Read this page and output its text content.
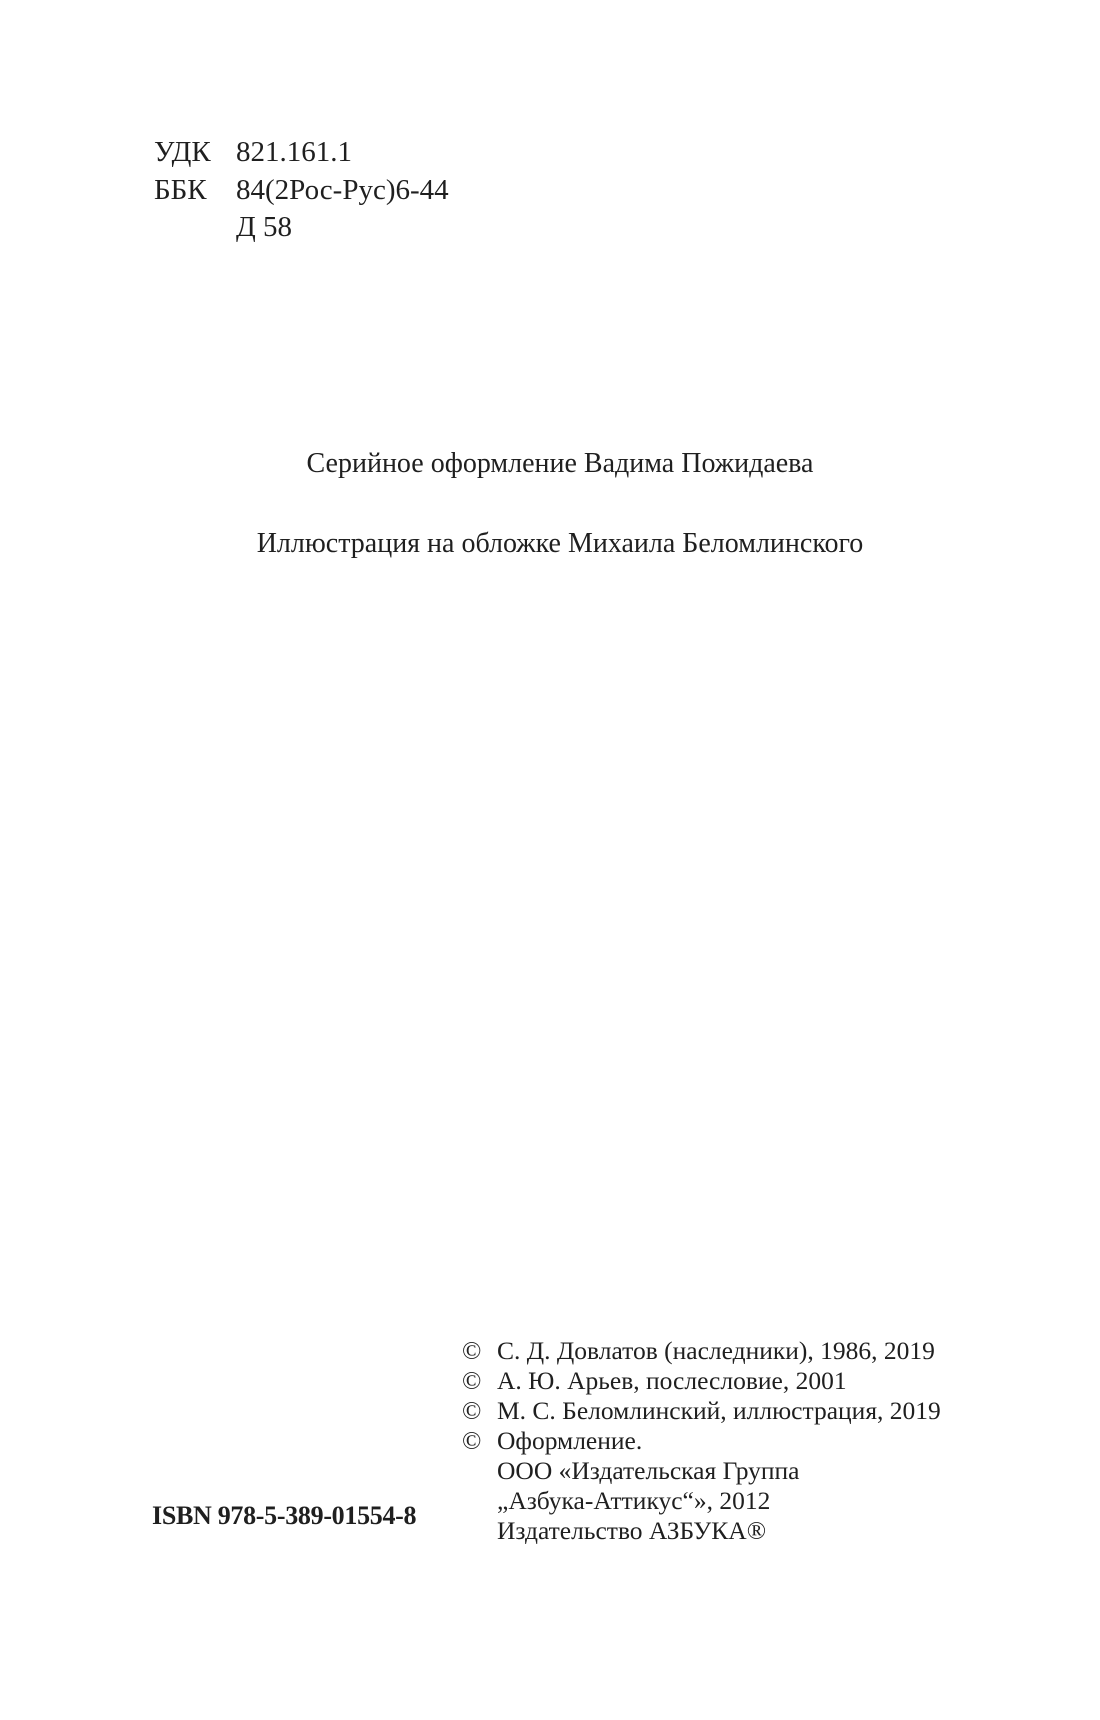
УДК 821.161.1
ББК	84(2Рос-Рус)6-44
Д 58
Серийное оформление Вадима Пожидаева
Иллюстрация на обложке Михаила Беломлинского
© С. Д. Довлатов (наследники), 1986, 2019
© А. Ю. Арьев, послесловие, 2001
© М. С. Беломлинский, иллюстрация, 2019
© Оформление.
ООО «Издательская Группа
„Азбука-Аттикус“», 2012
Издательство АЗБУКА®
ISBN 978-5-389-01554-8
